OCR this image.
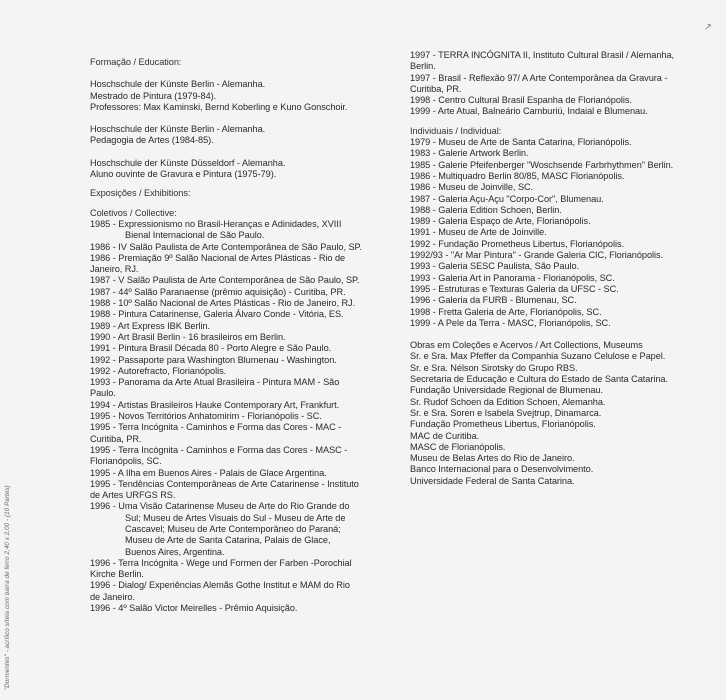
"Dormentes" - acrílico s/tela com barra de ferro 2,40 x 2,00 - (10 Partes)
↗
Formação / Education:
Hoschschule der Künste Berlin - Alemanha.
Mestrado de Pintura (1979-84).
Professores: Max Kaminski, Bernd Koberling e Kuno Gonschoir.
Hoschschule der Künste Berlin - Alemanha.
Pedagogia de Artes (1984-85).
Hoschschule der Künste Düsseldorf - Alemanha.
Aluno ouvinte de Gravura e Pintura (1975-79).
Exposições / Exhibitions:
Coletivos / Collective:
1985 - Expressionismo no Brasil-Heranças e Adinidades, XVIII
Bienal Internacional de São Paulo.
1986 - IV Salão Paulista de Arte Contemporânea de São Paulo, SP.
1986 - Premiação 9º Salão Nacional de Artes Plásticas - Rio de
Janeiro, RJ.
1987 - V Salão Paulista de Arte Contemporânea de São Paulo, SP.
1987 - 44º Salão Paranaense (prêmio aquisição) - Curitiba, PR.
1988 - 10º Salão Nacional de Artes Plásticas - Rio de Janeiro, RJ.
1988 - Pintura Catarinense, Galeria Álvaro Conde - Vitória, ES.
1989 - Art Express IBK Berlin.
1990 - Art Brasil Berlin - 16 brasileiros em Berlin.
1991 - Pintura Brasil Década 80 - Porto Alegre e São Paulo.
1992 - Passaporte para Washington Blumenau - Washington.
1992 - Autorefracto, Florianópolis.
1993 - Panorama da Arte Atual Brasileira - Pintura MAM - São
Paulo.
1994 - Artistas Brasileiros Hauke Contemporary Art, Frankfurt.
1995 - Novos Territórios Anhatomirim - Florianópolis - SC.
1995 - Terra Incógnita - Caminhos e Forma das Cores - MAC -
Curitiba, PR.
1995 - Terra Incógnita - Caminhos e Forma das Cores - MASC -
Florianópolis, SC.
1995 - A Ilha em Buenos Aires - Palais de Glace Argentina.
1995 - Tendências Contemporâneas de Arte Catarinense - Instituto
de Artes URFGS RS.
1996 - Uma Visão Catarinense Museu de Arte do Rio Grande do
Sul; Museu de Artes Visuais do Sul - Museu de Arte de
Cascavel; Museu de Arte Contemporâneo do Paraná;
Museu de Arte de Santa Catarina, Palais de Glace,
Buenos Aires, Argentina.
1996 - Terra Incógnita - Wege und Formen der Farben -Porochial
Kirche Berlin.
1996 - Dialog/ Experiências Alemãs Gothe Institut e MAM do Rio
de Janeiro.
1996 - 4º Salão Victor Meirelles - Prêmio Aquisição.
1997 - TERRA INCÓGNITA II, Instituto Cultural Brasil / Alemanha,
Berlin.
1997 - Brasil - Reflexão 97/ A Arte Contemporânea da Gravura -
Curitiba, PR.
1998 - Centro Cultural Brasil Espanha de Florianópolis.
1999 - Arte Atual, Balneário Camburiú, Indaial e Blumenau.
Individuais / Individual:
1979 - Museu de Arte de Santa Catarina, Florianópolis.
1983 - Galerie Artwork Berlin.
1985 - Galerie Pfeifenberger "Woschsende Farbrhythmen" Berlin.
1986 - Multiquadro Berlin 80/85, MASC Florianópolis.
1986 - Museu de Joinville, SC.
1987 - Galeria Açu-Açu "Corpo-Cor", Blumenau.
1988 - Galeria Edition Schoen, Berlin.
1989 - Galeria Espaço de Arte, Florianópolis.
1991 - Museu de Arte de Joinville.
1992 - Fundação Prometheus Libertus, Florianópolis.
1992/93 - "Ar Mar Pintura" - Grande Galeria CIC, Florianópolis.
1993 - Galeria SESC Paulista, São Paulo.
1993 - Galeria Art in Panorama - Florianópolis, SC.
1995 - Estruturas e Texturas Galeria da UFSC - SC.
1996 - Galeria da FURB - Blumenau, SC.
1998 - Fretta Galeria de Arte, Florianópolis, SC.
1999 - A Pele da Terra - MASC, Florianópolis, SC.
Obras em Coleções e Acervos / Art Collections, Museums
Sr. e Sra. Max Pfeffer da Companhia Suzano Celulose e Papel.
Sr. e Sra. Nélson Sirotsky do Grupo RBS.
Secretaria de Educação e Cultura do Estado de Santa Catarina.
Fundação Universidade Regional de Blumenau.
Sr. Rudof Schoen da Edition Schoen, Alemanha.
Sr. e Sra. Soren e Isabela Svejtrup, Dinamarca.
Fundação Prometheus Libertus, Florianópolis.
MAC de Curitiba.
MASC de Florianópolis.
Museu de Belas Artes do Rio de Janeiro.
Banco Internacional para o Desenvolvimento.
Universidade Federal de Santa Catarina.
